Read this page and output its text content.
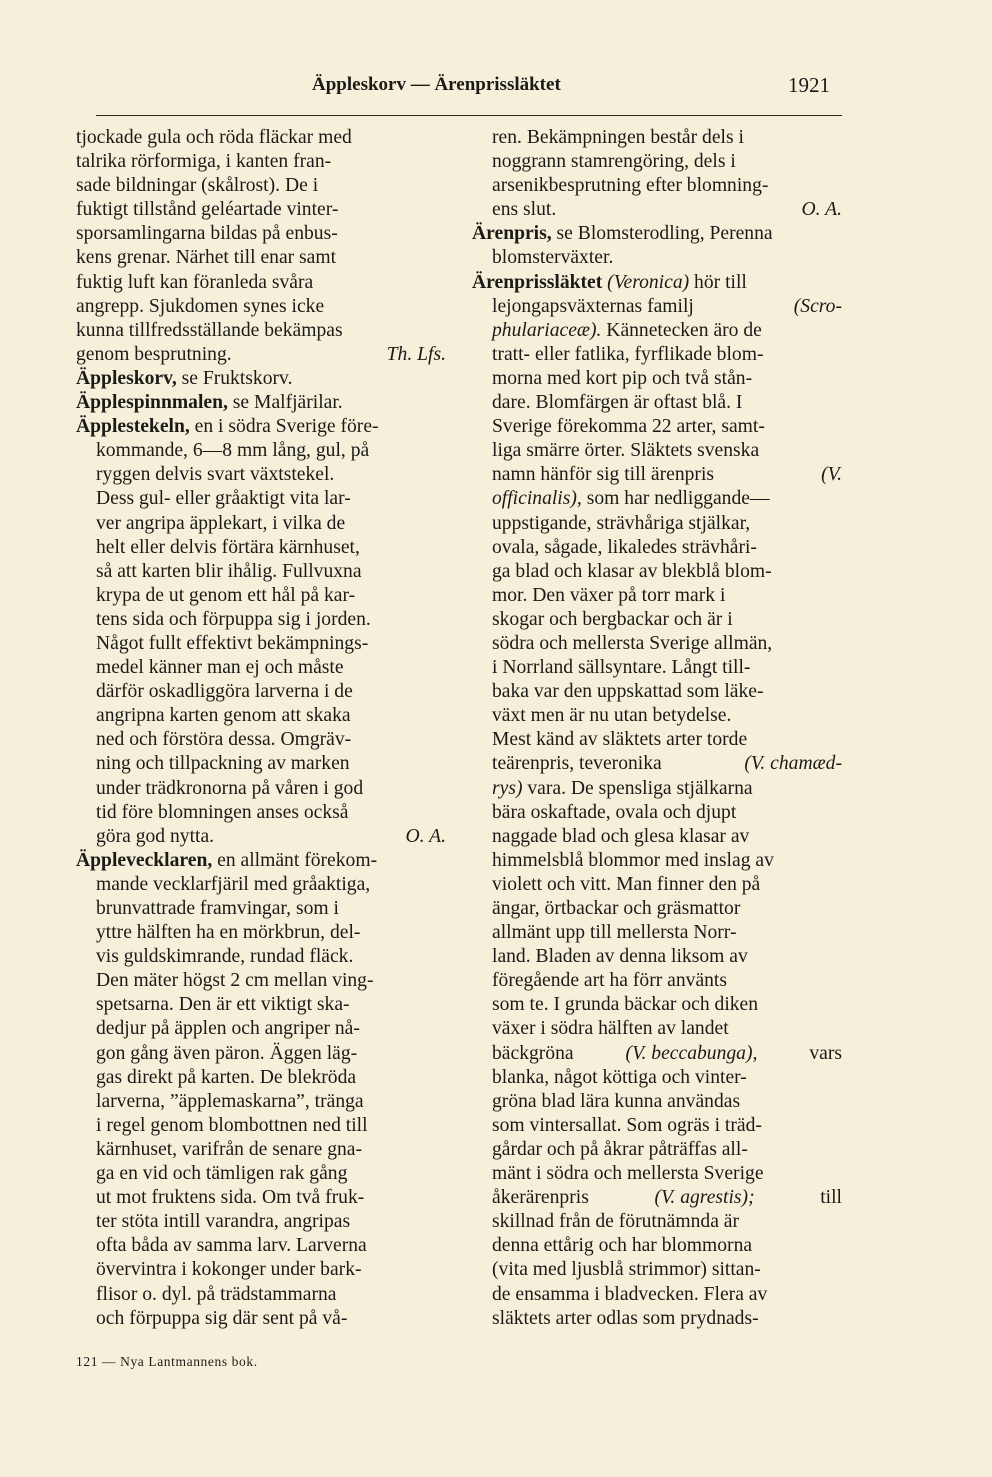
Äppleskorv — Ärenprissläktet	1921
tjockade gula och röda fläckar med
talrika rörformiga, i kanten fran-
sade bildningar (skålrost). De i
fuktigt tillstånd geléartade vinter-
sporsamlingarna bildas på enbus-
kens grenar. Närhet till enar samt
fuktig luft kan föranleda svåra
angrepp. Sjukdomen synes icke
kunna tillfredsställande bekämpas
genom besprutning.	Th. Lfs.
Äppleskorv, se Fruktskorv.
Äpplespinnmalen, se Malfjärilar.
Äpplestekeln, en i södra Sverige före-
kommande, 6—8 mm lång, gul, på
ryggen delvis svart växtstekel.
Dess gul- eller gråaktigt vita lar-
ver angripa äpplekart, i vilka de
helt eller delvis förtära kärnhuset,
så att karten blir ihålig. Fullvuxna
krypa de ut genom ett hål på kar-
tens sida och förpuppa sig i jorden.
Något fullt effektivt bekämpnings-
medel känner man ej och måste
därför oskadliggöra larverna i de
angripna karten genom att skaka
ned och förstöra dessa. Omgräv-
ning och tillpackning av marken
under trädkronorna på våren i god
tid före blomningen anses också
göra god nytta.	O. A.
Äpplevecklaren, en allmänt förekom-
mande vecklarfjäril med gråaktiga,
brunvattrade framvingar, som i
yttre hälften ha en mörkbrun, del-
vis guldskimrande, rundad fläck.
Den mäter högst 2 cm mellan ving-
spetsarna. Den är ett viktigt ska-
dedjur på äpplen och angriper nå-
gon gång även päron. Äggen läg-
gas direkt på karten. De blekröda
larverna, ”äpplemaskarna”, tränga
i regel genom blombottnen ned till
kärnhuset, varifrån de senare gna-
ga en vid och tämligen rak gång
ut mot fruktens sida. Om två fruk-
ter stöta intill varandra, angripas
ofta båda av samma larv. Larverna
övervintra i kokonger under bark-
flisor o. dyl. på trädstammarna
och förpuppa sig där sent på vå-
ren. Bekämpningen består dels i
noggrann stamrengöring, dels i
arsenikbesprutning efter blomning-
ens slut.	O. A.
Ärenpris, se Blomsterodling, Perenna
blomsterväxter.
Ärenprissläktet (Veronica) hör till
lejongapsväxternas familj	(Scro-
phulariaceæ). Kännetecken äro de
tratt- eller fatlika, fyrflikade blom-
morna med kort pip och två stån-
dare. Blomfärgen är oftast blå. I
Sverige förekomma 22 arter, samt-
liga smärre örter. Släktets svenska
namn hänför sig till ärenpris	(V.
officinalis), som har nedliggande—
uppstigande, strävhåriga stjälkar,
ovala, sågade, likaledes strävhåri-
ga blad och klasar av blekblå blom-
mor. Den växer på torr mark i
skogar och bergbackar och är i
södra och mellersta Sverige allmän,
i Norrland sällsyntare. Långt till-
baka var den uppskattad som läke-
växt men är nu utan betydelse.
Mest känd av släktets arter torde
teärenpris, teveronika	(V. chamæd-
rys) vara. De spensliga stjälkarna
bära oskaftade, ovala och djupt
naggade blad och glesa klasar av
himmelsblå blommor med inslag av
violett och vitt. Man finner den på
ängar, örtbackar och gräsmattor
allmänt upp till mellersta Norr-
land. Bladen av denna liksom av
föregående art ha förr använts
som te. I grunda bäckar och diken
växer i södra hälften av landet
bäckgröna	(V. beccabunga),	vars
blanka, något köttiga och vinter-
gröna blad lära kunna användas
som vintersallat. Som ogräs i träd-
gårdar och på åkrar påträffas all-
mänt i södra och mellersta Sverige
åkerärenpris	(V. agrestis);	till
skillnad från de förutnämnda är
denna ettårig och har blommorna
(vita med ljusblå strimmor) sittan-
de ensamma i bladvecken. Flera av
släktets arter odlas som prydnads-
121 — Nya Lantmannens bok.
